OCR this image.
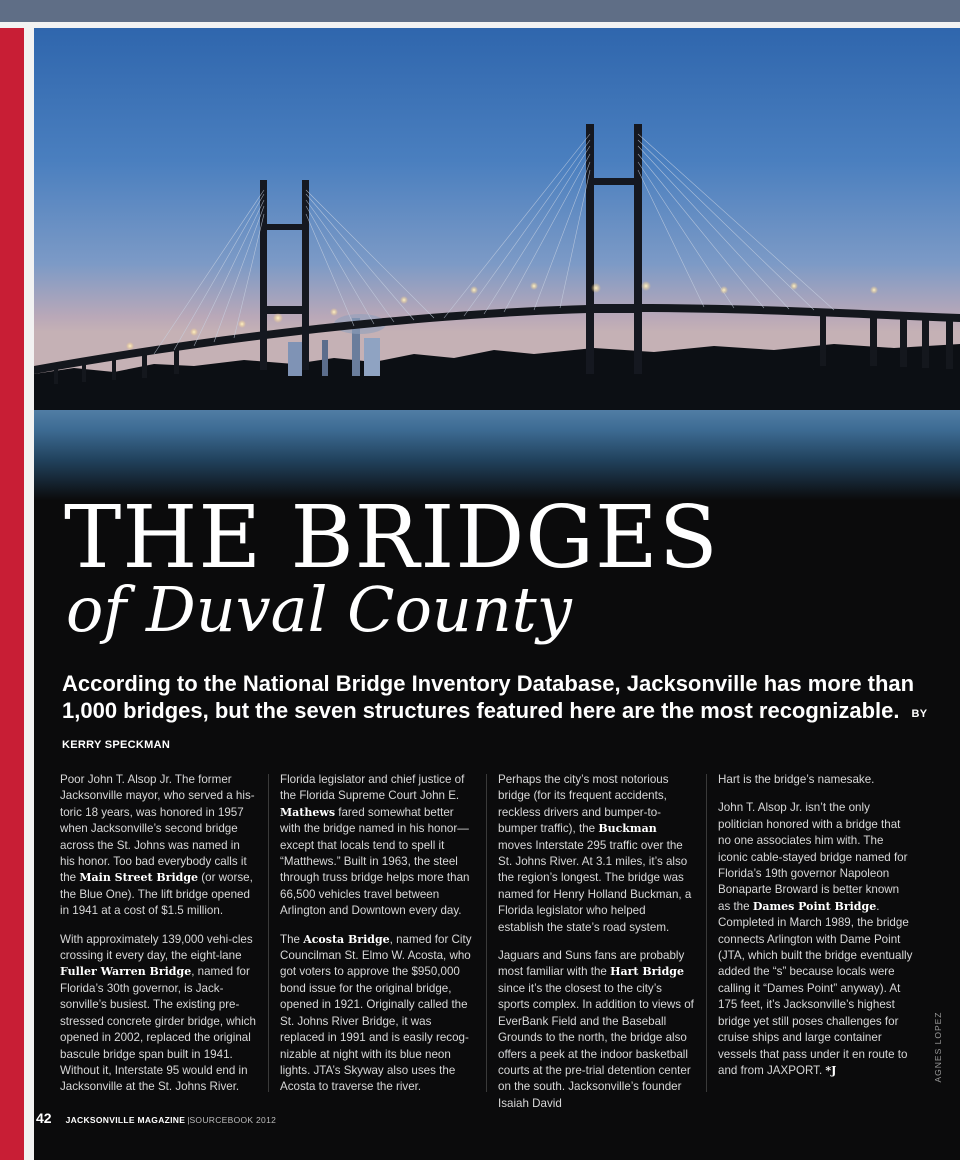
THE BRIDGES
of Duval County

According to the National Bridge Inventory Database, Jacksonville has more than 1,000 bridges, but the seven structures featured here are the most recognizable. BY KERRY SPECKMAN

Poor John T. Alsop Jr. The former Jacksonville mayor, who served a his-toric 18 years, was honored in 1957 when Jacksonville’s second bridge across the St. Johns was named in his honor. Too bad everybody calls it the Main Street Bridge (or worse, the Blue One). The lift bridge opened in 1941 at a cost of $1.5 million.

With approximately 139,000 vehi-cles crossing it every day, the eight-lane Fuller Warren Bridge, named for Florida’s 30th governor, is Jack-sonville’s busiest. The existing pre-stressed concrete girder bridge, which opened in 2002, replaced the original bascule bridge span built in 1941. Without it, Interstate 95 would end in Jacksonville at the St. Johns River.

Florida legislator and chief justice of the Florida Supreme Court John E. Mathews fared somewhat better with the bridge named in his honor—except that locals tend to spell it “Matthews.” Built in 1963, the steel through truss bridge helps more than 66,500 vehicles travel between Arlington and Downtown every day.

The Acosta Bridge, named for City Councilman St. Elmo W. Acosta, who got voters to approve the $950,000 bond issue for the original bridge, opened in 1921. Originally called the St. Johns River Bridge, it was replaced in 1991 and is easily recog-nizable at night with its blue neon lights. JTA’s Skyway also uses the Acosta to traverse the river.

Perhaps the city’s most notorious bridge (for its frequent accidents, reckless drivers and bumper-to-bumper traffic), the Buckman moves Interstate 295 traffic over the St. Johns River. At 3.1 miles, it’s also the region’s longest. The bridge was named for Henry Holland Buckman, a Florida legislator who helped establish the state’s road system.

Jaguars and Suns fans are probably most familiar with the Hart Bridge since it’s the closest to the city’s sports complex. In addition to views of EverBank Field and the Baseball Grounds to the north, the bridge also offers a peek at the indoor basketball courts at the pre-trial detention center on the south. Jacksonville’s founder Isaiah David

Hart is the bridge’s namesake.

John T. Alsop Jr. isn’t the only politician honored with a bridge that no one associates him with. The iconic cable-stayed bridge named for Florida’s 19th governor Napoleon Bonaparte Broward is better known as the Dames Point Bridge. Completed in March 1989, the bridge connects Arlington with Dame Point (JTA, which built the bridge eventually added the “s” because locals were calling it “Dames Point” anyway). At 175 feet, it’s Jacksonville’s highest bridge yet still poses challenges for cruise ships and large container vessels that pass under it en route to and from JAXPORT. *J	AGNES LOPEZ
42 JACKSONVILLE MAGAZINE | SOURCEBOOK 2012
